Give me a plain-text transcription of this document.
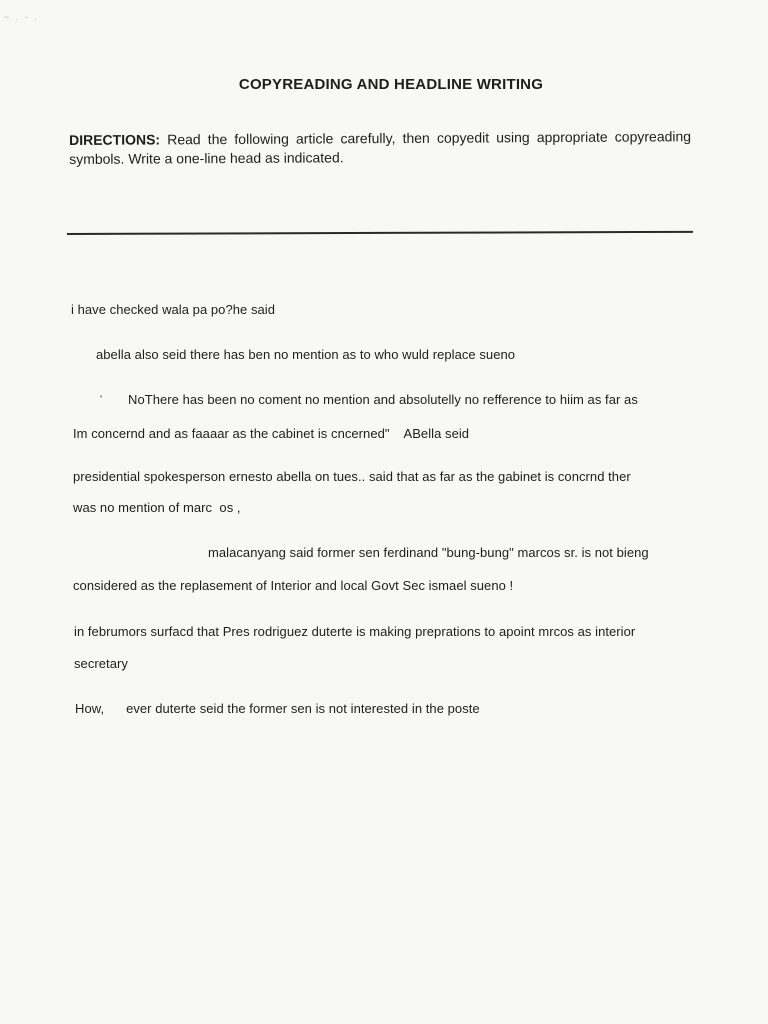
~ . - .
COPYREADING AND HEADLINE WRITING
DIRECTIONS: Read the following article carefully, then copyedit using appropriate copyreading symbols. Write a one-line head as indicated.
i have checked wala pa po?he said
abella also seid there has ben no mention as to who wuld replace sueno
‘ NoThere has been no coment no mention and absolutelly no refference to hiim as far as
Im concernd and as faaaar as the cabinet is cncerned"    ABella seid
presidential spokesperson ernesto abella on tues.. said that as far as the gabinet is concrnd ther
was no mention of marc  os ,
malacanyang said former sen ferdinand "bung-bung" marcos sr. is not bieng
considered as the replasement of Interior and local Govt Sec ismael sueno !
in februmors surfacd that Pres rodriguez duterte is making preprations to apoint mrcos as interior
secretary
How,      ever duterte seid the former sen is not interested in the poste
